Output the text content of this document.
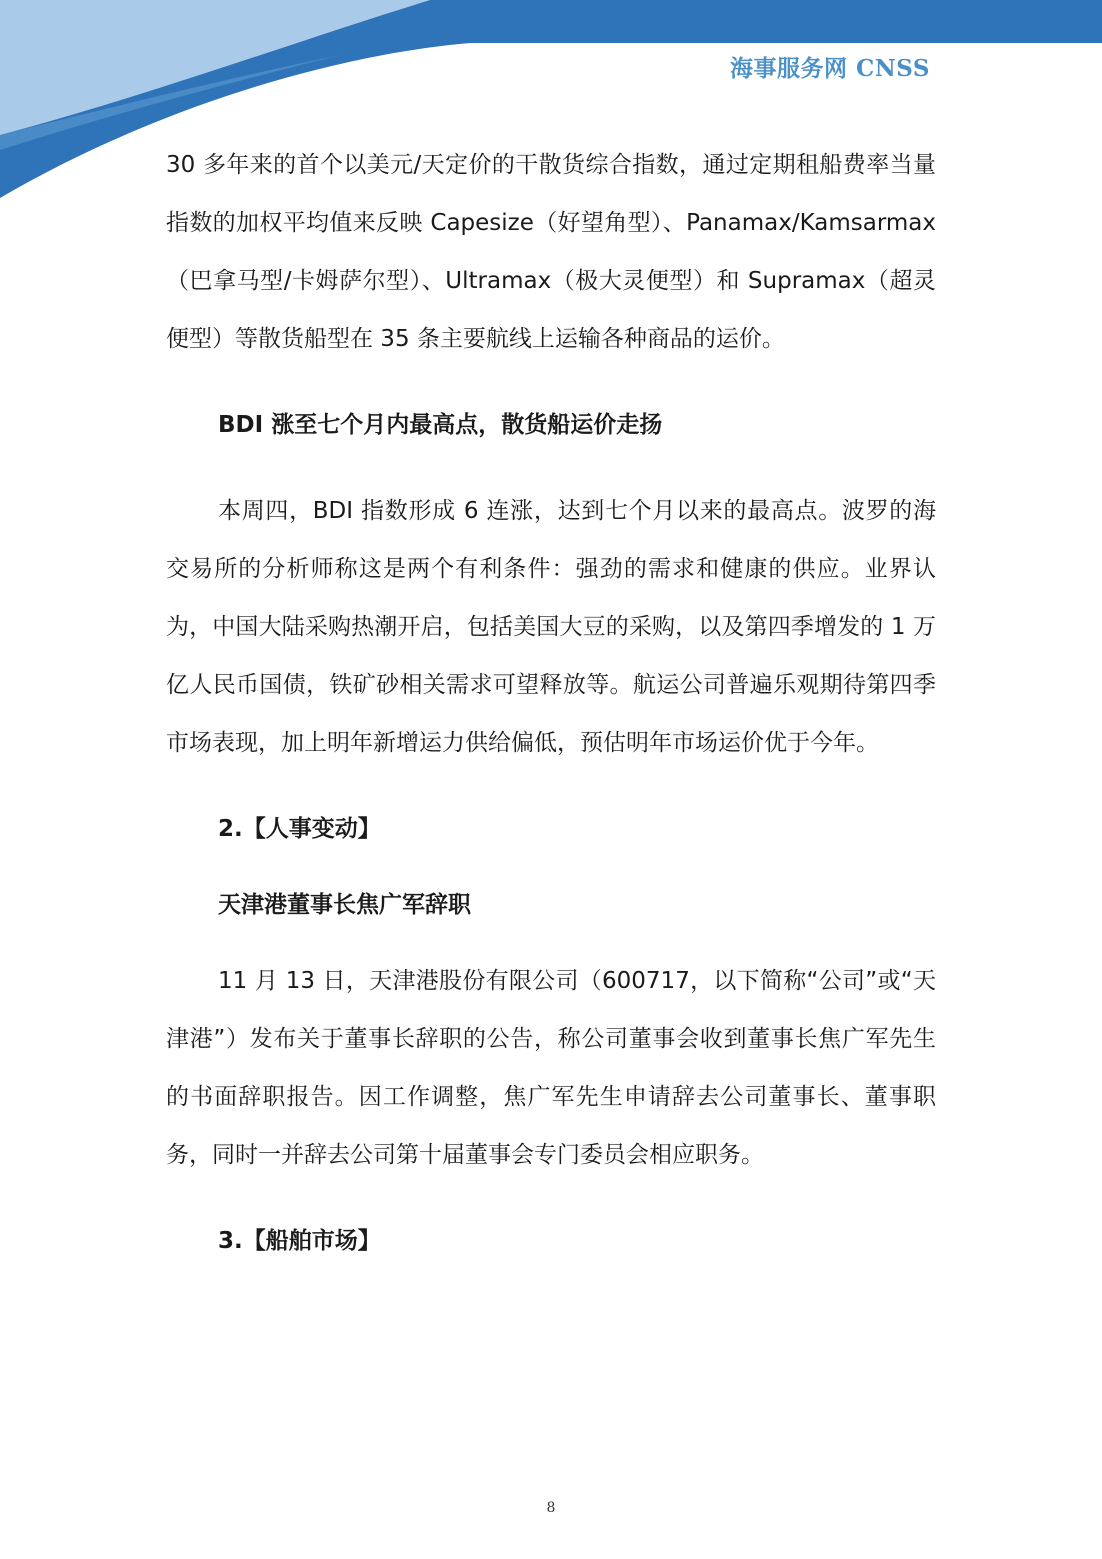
海事服务网 CNSS

30 多年来的首个以美元/天定价的干散货综合指数，通过定期租船费率当量指数的加权平均值来反映 Capesize（好望角型）、Panamax/Kamsarmax（巴拿马型/卡姆萨尔型）、Ultramax（极大灵便型）和 Supramax（超灵便型）等散货船型在 35 条主要航线上运输各种商品的运价。

BDI 涨至七个月内最高点，散货船运价走扬

本周四，BDI 指数形成 6 连涨，达到七个月以来的最高点。波罗的海交易所的分析师称这是两个有利条件：强劲的需求和健康的供应。业界认为，中国大陆采购热潮开启，包括美国大豆的采购，以及第四季增发的 1 万亿人民币国债，铁矿砂相关需求可望释放等。航运公司普遍乐观期待第四季市场表现，加上明年新增运力供给偏低，预估明年市场运价优于今年。

2.【人事变动】

天津港董事长焦广军辞职

11 月 13 日，天津港股份有限公司（600717，以下简称“公司”或“天津港”）发布关于董事长辞职的公告，称公司董事会收到董事长焦广军先生的书面辞职报告。因工作调整，焦广军先生申请辞去公司董事长、董事职务，同时一并辞去公司第十届董事会专门委员会相应职务。

3.【船舶市场】

8
